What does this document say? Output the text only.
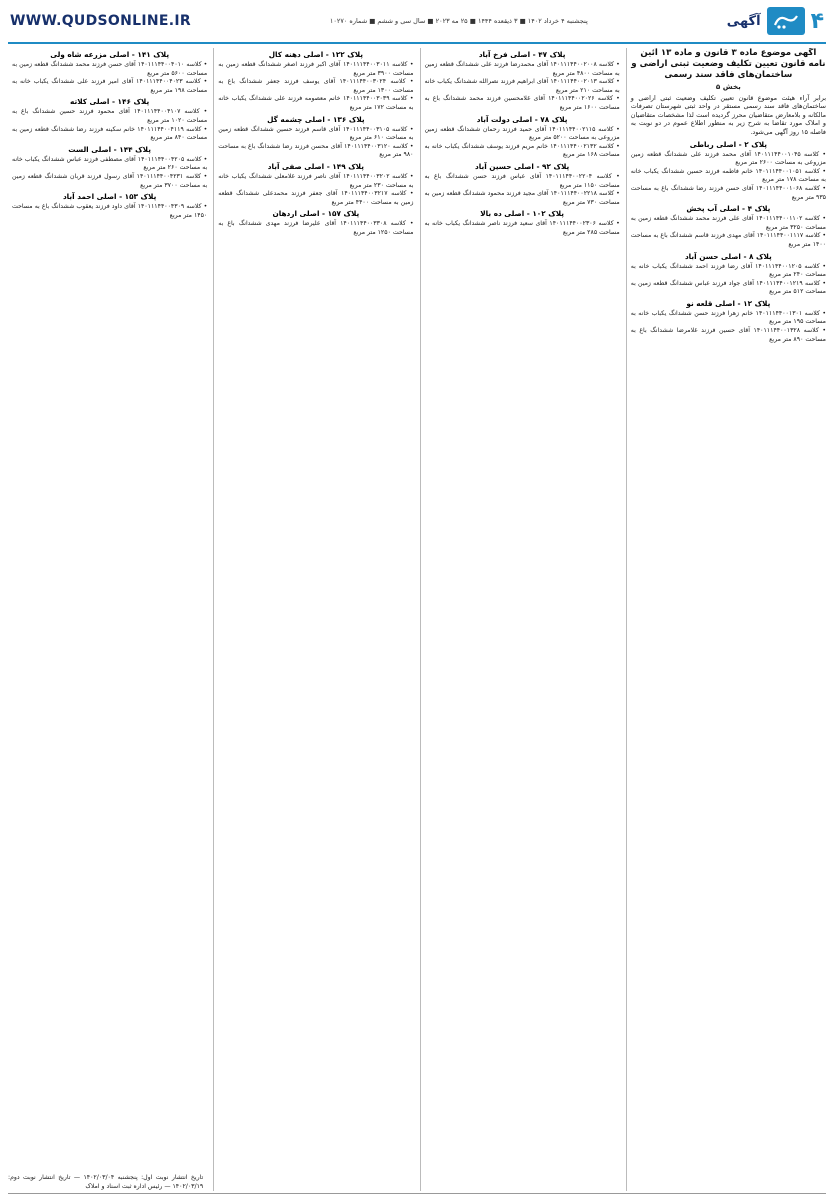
WWW.QUDSONLINE.IR	پنجشنبه ۴ خرداد ۱۴۰۲ ■ ۳ ذیقعده ۱۴۴۴ ■ ۲۵ مه ۲۰۲۳ ■ سال سی و ششم ■ شماره ۱۰۲۷۰	آگهی ۴
آگهی موضوع ماده ۳ قانون و ماده ۱۳ آئین نامه قانون تعیین تکلیف وضعیت ثبتی اراضی و ساختمان‌های فاقد سند رسمی
بخش ۵
برابر آراء هیئت موضوع قانون تعیین تکلیف وضعیت ثبتی اراضی و ساختمان‌های فاقد سند رسمی مستقر در واحد ثبتی شهرستان تصرفات مالکانه و بلامعارض متقاضیان محرز گردیده است لذا مشخصات متقاضیان و املاک مورد تقاضا به شرح زیر به منظور اطلاع عموم در دو نوبت به فاصله ۱۵ روز آگهی می‌شود.
پلاک ۲ - اصلی رباطی
• کلاسه ۱۴۰۱۱۱۴۴۰۰۱۰۴۵ آقای محمد فرزند علی ششدانگ قطعه زمین مزروعی به مساحت ۲۶۰۰ متر مربع
• کلاسه ۱۴۰۱۱۱۴۴۰۰۱۰۵۱ خانم فاطمه فرزند حسین ششدانگ یکباب خانه به مساحت ۱۷۸ متر مربع
• کلاسه ۱۴۰۱۱۱۴۴۰۰۱۰۶۸ آقای حسن فرزند رضا ششدانگ باغ به مساحت ۹۳۵ متر مربع
پلاک ۴ - اصلی آب پخش
• کلاسه ۱۴۰۱۱۱۴۴۰۰۱۱۰۲ آقای علی فرزند محمد ششدانگ قطعه زمین به مساحت ۳۲۵۰ متر مربع
• کلاسه ۱۴۰۱۱۱۴۴۰۰۱۱۱۷ آقای مهدی فرزند قاسم ششدانگ باغ به مساحت ۱۴۰۰ متر مربع
پلاک ۸ - اصلی حسن آباد
• کلاسه ۱۴۰۱۱۱۴۴۰۰۱۲۰۵ آقای رضا فرزند احمد ششدانگ یکباب خانه به مساحت ۲۴۰ متر مربع
• کلاسه ۱۴۰۱۱۱۴۴۰۰۱۲۱۹ آقای جواد فرزند عباس ششدانگ قطعه زمین به مساحت ۵۱۲ متر مربع
پلاک ۱۲ - اصلی قلعه نو
• کلاسه ۱۴۰۱۱۱۴۴۰۰۱۳۰۱ خانم زهرا فرزند حسن ششدانگ یکباب خانه به مساحت ۱۹۵ متر مربع
• کلاسه ۱۴۰۱۱۱۴۴۰۰۱۳۲۸ آقای حسین فرزند غلامرضا ششدانگ باغ به مساحت ۸۹۰ متر مربع
پلاک ۴۷ - اصلی فرخ آباد
• کلاسه ۱۴۰۱۱۱۴۴۰۰۲۰۰۸ آقای محمدرضا فرزند علی ششدانگ قطعه زمین به مساحت ۴۸۰۰ متر مربع
• کلاسه ۱۴۰۱۱۱۴۴۰۰۲۰۱۳ آقای ابراهیم فرزند نصرالله ششدانگ یکباب خانه به مساحت ۲۱۰ متر مربع
• کلاسه ۱۴۰۱۱۱۴۴۰۰۲۰۲۶ آقای غلامحسین فرزند محمد ششدانگ باغ به مساحت ۱۶۰۰ متر مربع
پلاک ۷۸ - اصلی دولت آباد
• کلاسه ۱۴۰۱۱۱۴۴۰۰۲۱۱۵ آقای حمید فرزند رحمان ششدانگ قطعه زمین مزروعی به مساحت ۵۲۰۰ متر مربع
• کلاسه ۱۴۰۱۱۱۴۴۰۰۲۱۳۲ خانم مریم فرزند یوسف ششدانگ یکباب خانه به مساحت ۱۶۸ متر مربع
پلاک ۹۲ - اصلی حسین آباد
• کلاسه ۱۴۰۱۱۱۴۴۰۰۲۲۰۴ آقای عباس فرزند حسن ششدانگ باغ به مساحت ۱۱۵۰ متر مربع
• کلاسه ۱۴۰۱۱۱۴۴۰۰۲۲۱۸ آقای مجید فرزند محمود ششدانگ قطعه زمین به مساحت ۷۳۰ متر مربع
پلاک ۱۰۲ - اصلی ده بالا
• کلاسه ۱۴۰۱۱۱۴۴۰۰۲۳۰۶ آقای سعید فرزند ناصر ششدانگ یکباب خانه به مساحت ۲۸۵ متر مربع
پلاک ۱۲۲ - اصلی دهنه کال
• کلاسه ۱۴۰۱۱۱۴۴۰۰۳۰۱۱ آقای اکبر فرزند اصغر ششدانگ قطعه زمین به مساحت ۳۹۰۰ متر مربع
• کلاسه ۱۴۰۱۱۱۴۴۰۰۳۰۲۴ آقای یوسف فرزند جعفر ششدانگ باغ به مساحت ۱۳۰۰ متر مربع
• کلاسه ۱۴۰۱۱۱۴۴۰۰۳۰۳۹ خانم معصومه فرزند علی ششدانگ یکباب خانه به مساحت ۱۷۲ متر مربع
پلاک ۱۳۶ - اصلی چشمه گل
• کلاسه ۱۴۰۱۱۱۴۴۰۰۳۱۰۵ آقای قاسم فرزند حسین ششدانگ قطعه زمین به مساحت ۶۱۰ متر مربع
• کلاسه ۱۴۰۱۱۱۴۴۰۰۳۱۲۰ آقای محسن فرزند رضا ششدانگ باغ به مساحت ۹۸۰ متر مربع
پلاک ۱۴۹ - اصلی صفی آباد
• کلاسه ۱۴۰۱۱۱۴۴۰۰۳۲۰۲ آقای ناصر فرزند غلامعلی ششدانگ یکباب خانه به مساحت ۲۳۰ متر مربع
• کلاسه ۱۴۰۱۱۱۴۴۰۰۳۲۱۷ آقای جعفر فرزند محمدعلی ششدانگ قطعه زمین به مساحت ۴۴۰۰ متر مربع
پلاک ۱۵۷ - اصلی اردهان
• کلاسه ۱۴۰۱۱۱۴۴۰۰۳۳۰۸ آقای علیرضا فرزند مهدی ششدانگ باغ به مساحت ۱۲۵۰ متر مربع
پلاک ۱۴۱ - اصلی مزرعه شاه ولی
• کلاسه ۱۴۰۱۱۱۴۴۰۰۴۰۱۰ آقای حسن فرزند محمد ششدانگ قطعه زمین به مساحت ۵۶۰۰ متر مربع
• کلاسه ۱۴۰۱۱۱۴۴۰۰۴۰۲۳ آقای امیر فرزند علی ششدانگ یکباب خانه به مساحت ۱۹۸ متر مربع
پلاک ۱۴۶ - اصلی کلاته
• کلاسه ۱۴۰۱۱۱۴۴۰۰۴۱۰۷ آقای محمود فرزند حسین ششدانگ باغ به مساحت ۱۰۲۰ متر مربع
• کلاسه ۱۴۰۱۱۱۴۴۰۰۴۱۱۹ خانم سکینه فرزند رضا ششدانگ قطعه زمین به مساحت ۸۴۰ متر مربع
پلاک ۱۴۴ - اصلی الست
• کلاسه ۱۴۰۱۱۱۴۴۰۰۴۲۰۵ آقای مصطفی فرزند عباس ششدانگ یکباب خانه به مساحت ۲۶۰ متر مربع
• کلاسه ۱۴۰۱۱۱۴۴۰۰۴۲۳۱ آقای رسول فرزند قربان ششدانگ قطعه زمین به مساحت ۳۷۰۰ متر مربع
پلاک ۱۵۳ - اصلی احمد آباد
• کلاسه ۱۴۰۱۱۱۴۴۰۰۴۳۰۹ آقای داود فرزند یعقوب ششدانگ باغ به مساحت ۱۴۵۰ متر مربع
تاریخ انتشار نوبت اول: پنجشنبه ۱۴۰۲/۰۳/۰۴ — تاریخ انتشار نوبت دوم: ۱۴۰۲/۰۳/۱۹ — رئیس اداره ثبت اسناد و املاک
